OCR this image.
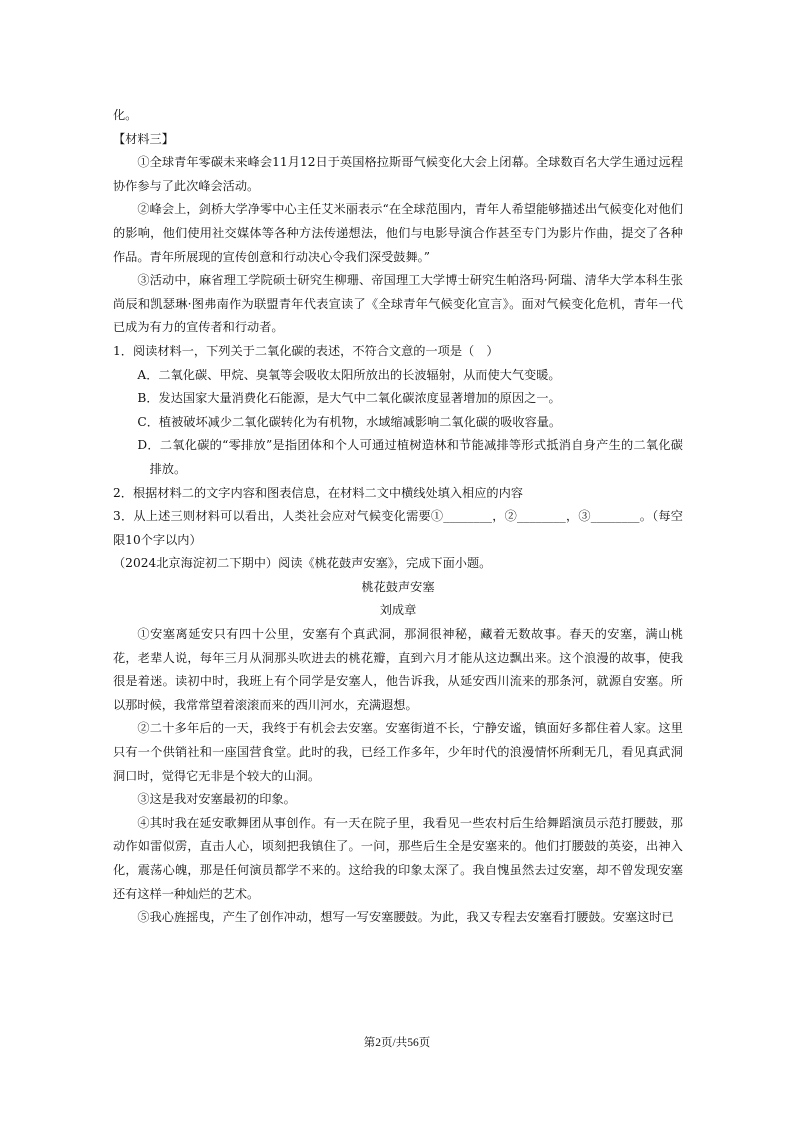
化。

【材料三】

①全球青年零碳未来峰会11月12日于英国格拉斯哥气候变化大会上闭幕。全球数百名大学生通过远程协作参与了此次峰会活动。

②峰会上，剑桥大学净零中心主任艾米丽表示“在全球范围内，青年人希望能够描述出气候变化对他们的影响，他们使用社交媒体等各种方法传递想法，他们与电影导演合作甚至专门为影片作曲，提交了各种作品。青年所展现的宣传创意和行动决心令我们深受鼓舞。”

③活动中，麻省理工学院硕士研究生柳珊、帝国理工大学博士研究生帕洛玛·阿瑞、清华大学本科生张尚辰和凯瑟琳·图弗南作为联盟青年代表宣读了《全球青年气候变化宣言》。面对气候变化危机，青年一代已成为有力的宣传者和行动者。

1．阅读材料一，下列关于二氧化碳的表述，不符合文意的一项是（　）

A．二氧化碳、甲烷、臭氧等会吸收太阳所放出的长波辐射，从而使大气变暖。

B．发达国家大量消费化石能源，是大气中二氧化碳浓度显著增加的原因之一。

C．植被破坏减少二氧化碳转化为有机物，水域缩减影响二氧化碳的吸收容量。

D．二氧化碳的“零排放”是指团体和个人可通过植树造林和节能减排等形式抵消自身产生的二氧化碳排放。

2．根据材料二的文字内容和图表信息，在材料二文中横线处填入相应的内容

3．从上述三则材料可以看出，人类社会应对气候变化需要①________，②________，③________。（每空限10个字以内）

（2024北京海淀初二下期中）阅读《桃花鼓声安塞》，完成下面小题。

桃花鼓声安塞

刘成章

①安塞离延安只有四十公里，安塞有个真武洞，那洞很神秘，藏着无数故事。春天的安塞，满山桃花，老辈人说，每年三月从洞那头吹进去的桃花瓣，直到六月才能从这边飘出来。这个浪漫的故事，使我很是着迷。读初中时，我班上有个同学是安塞人，他告诉我，从延安西川流来的那条河，就源自安塞。所以那时候，我常常望着滚滚而来的西川河水，充满遐想。

②二十多年后的一天，我终于有机会去安塞。安塞街道不长，宁静安谧，镇面好多都住着人家。这里只有一个供销社和一座国营食堂。此时的我，已经工作多年，少年时代的浪漫情怀所剩无几，看见真武洞洞口时，觉得它无非是个较大的山洞。

③这是我对安塞最初的印象。

④其时我在延安歌舞团从事创作。有一天在院子里，我看见一些农村后生给舞蹈演员示范打腰鼓，那动作如雷似雳，直击人心，顷刻把我镇住了。一问，那些后生全是安塞来的。他们打腰鼓的英姿，出神入化，震荡心魄，那是任何演员都学不来的。这给我的印象太深了。我自愧虽然去过安塞，却不曾发现安塞还有这样一种灿烂的艺术。

⑤我心旌摇曳，产生了创作冲动，想写一写安塞腰鼓。为此，我又专程去安塞看打腰鼓。安塞这时已

第2页/共56页
